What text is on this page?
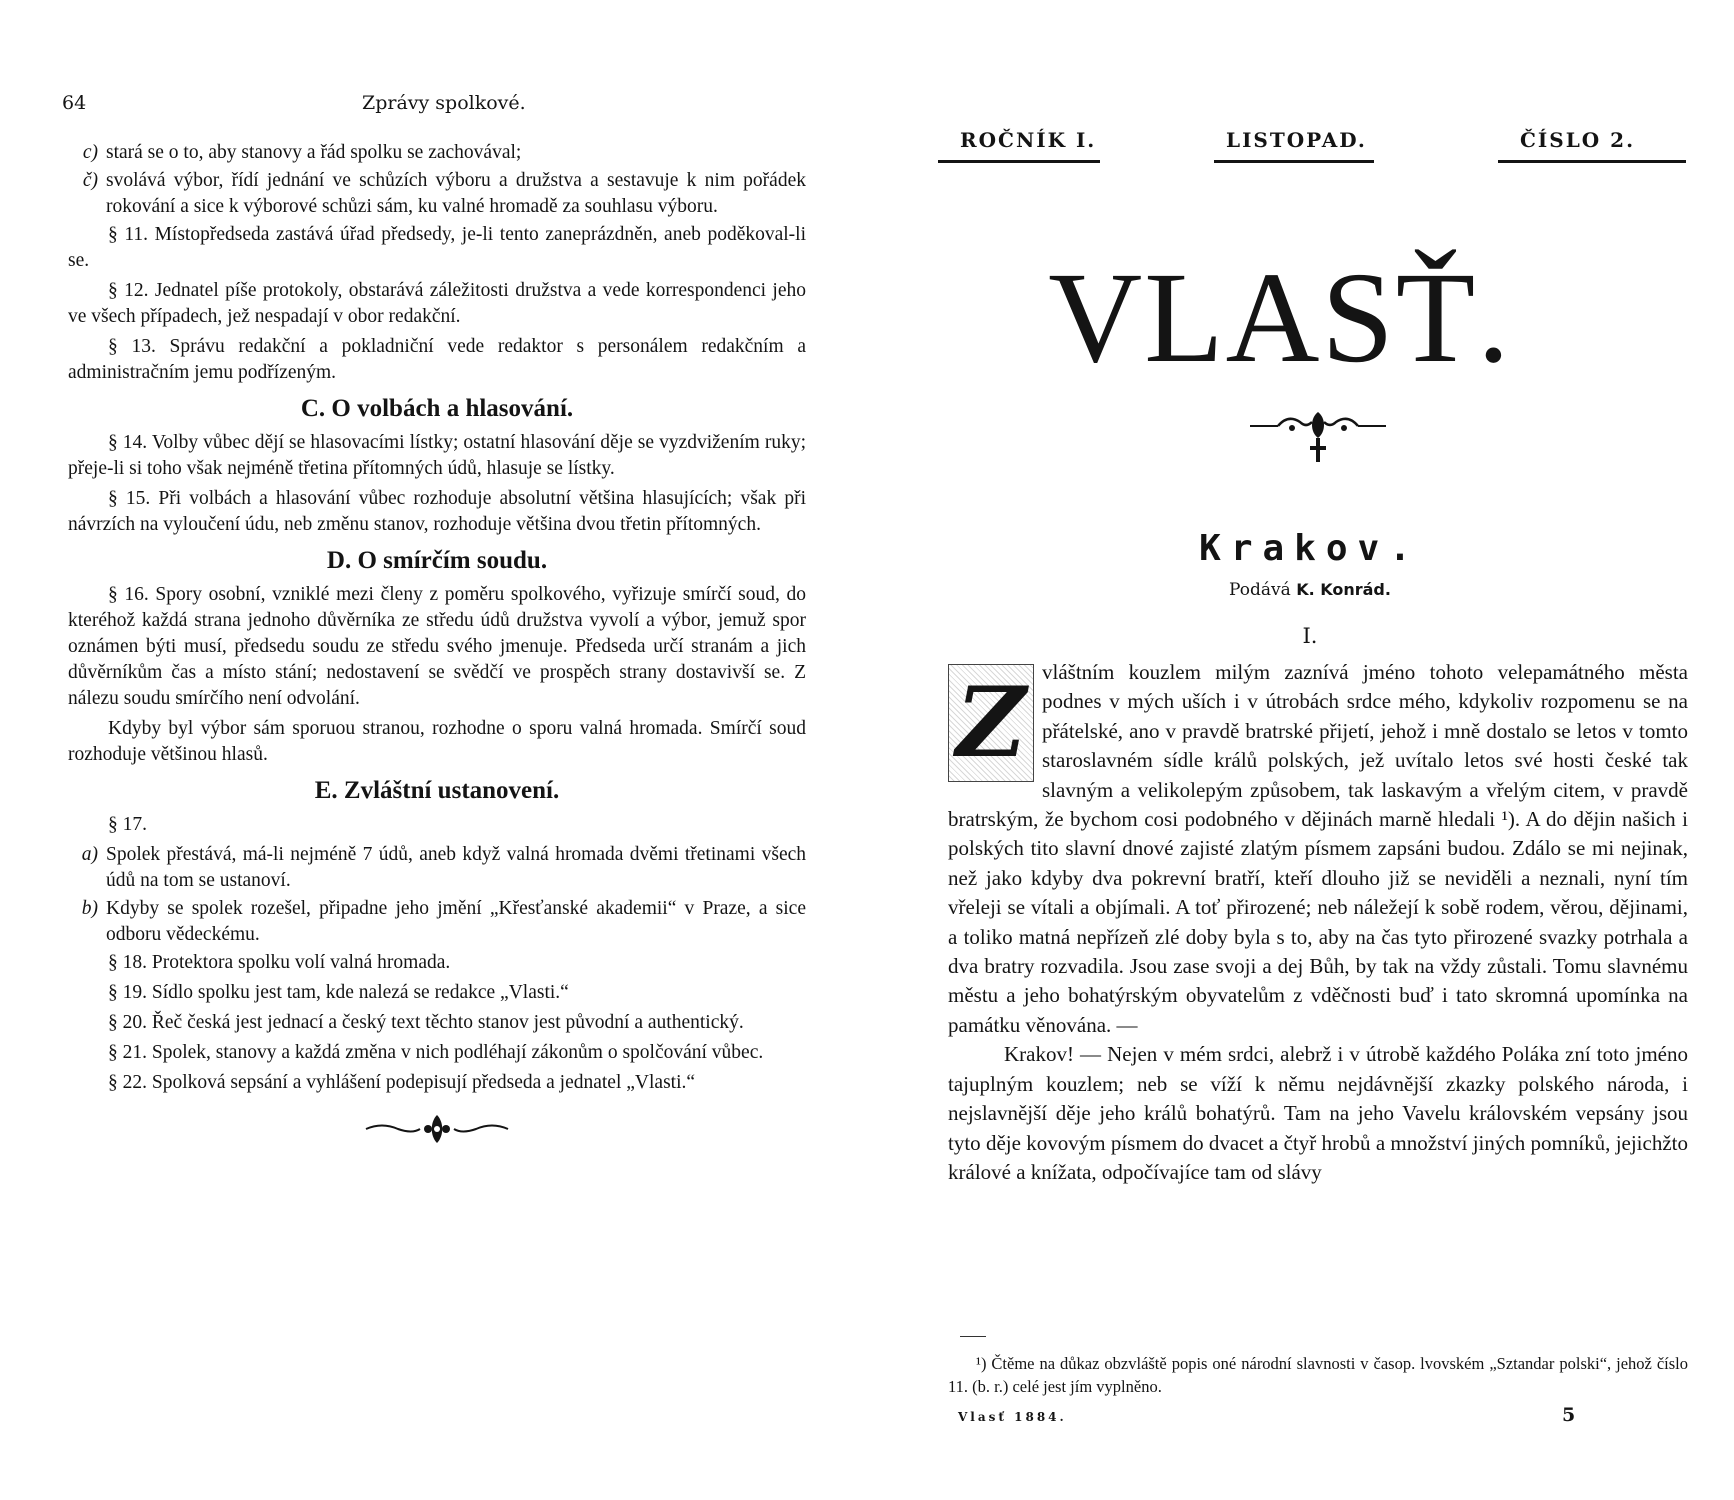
64	Zprávy spolkové.
c) stará se o to, aby stanovy a řád spolku se zachovával;
č) svolává výbor, řídí jednání ve schůzích výboru a družstva a sestavuje k nim pořádek rokování a sice k výborové schůzi sám, ku valné hromadě za souhlasu výboru.

§ 11. Místopředseda zastává úřad předsedy, je-li tento zaneprázdněn, aneb poděkoval-li se.

§ 12. Jednatel píše protokoly, obstarává záležitosti družstva a vede korrespondenci jeho ve všech případech, jež nespadají v obor redakční.

§ 13. Správu redakční a pokladniční vede redaktor s personálem redakčním a administračním jemu podřízeným.

C. O volbách a hlasování.

§ 14. Volby vůbec dějí se hlasovacími lístky; ostatní hlasování děje se vyzdvižením ruky; přeje-li si toho však nejméně třetina přítomných údů, hlasuje se lístky.

§ 15. Při volbách a hlasování vůbec rozhoduje absolutní většina hlasujících; však při návrzích na vyloučení údu, neb změnu stanov, rozhoduje většina dvou třetin přítomných.

D. O smírčím soudu.

§ 16. Spory osobní, vzniklé mezi členy z poměru spolkového, vyřizuje smírčí soud, do kteréhož každá strana jednoho důvěrníka ze středu údů družstva vyvolí a výbor, jemuž spor oznámen býti musí, předsedu soudu ze středu svého jmenuje. Předseda určí stranám a jich důvěrníkům čas a místo stání; nedostavení se svědčí ve prospěch strany dostavivší se. Z nálezu soudu smírčího není odvolání.

Kdyby byl výbor sám sporuou stranou, rozhodne o sporu valná hromada. Smírčí soud rozhoduje většinou hlasů.

E. Zvláštní ustanovení.

§ 17.

a) Spolek přestává, má-li nejméně 7 údů, aneb když valná hromada dvěmi třetinami všech údů na tom se ustanoví.
b) Kdyby se spolek rozešel, připadne jeho jmění „Křesťanské akademii“ v Praze, a sice odboru vědeckému.

§ 18. Protektora spolku volí valná hromada.

§ 19. Sídlo spolku jest tam, kde nalezá se redakce „Vlasti.“

§ 20. Řeč česká jest jednací a český text těchto stanov jest původní a authentický.

§ 21. Spolek, stanovy a každá změna v nich podléhají zákonům o spolčování vůbec.

§ 22. Spolková sepsání a vyhlášení podepisují předseda a jednatel „Vlasti.“

ROČNÍK I.	LISTOPAD.	ČÍSLO 2.
VLASŤ.
Krakov.
Podává K. Konrád.
I.
Z vláštním kouzlem milým zaznívá jméno tohoto velepamátného města podnes v mých uších i v útrobách srdce mého, kdykoliv rozpomenu se na přátelské, ano v pravdě bratrské přijetí, jehož i mně dostalo se letos v tomto staroslavném sídle králů polských, jež uvítalo letos své hosti české tak slavným a velikolepým způsobem, tak laskavým a vřelým citem, v pravdě bratrským, že bychom cosi podobného v dějinách marně hledali ¹). A do dějin našich i polských tito slavní dnové zajisté zlatým písmem zapsáni budou. Zdálo se mi nejinak, než jako kdyby dva pokrevní bratří, kteří dlouho již se neviděli a neznali, nyní tím vřeleji se vítali a objímali. A toť přirozené; neb náležejí k sobě rodem, věrou, dějinami, a toliko matná nepřízeň zlé doby byla s to, aby na čas tyto přirozené svazky potrhala a dva bratry rozvadila. Jsou zase svoji a dej Bůh, by tak na vždy zůstali. Tomu slavnému městu a jeho bohatýrským obyvatelům z vděčnosti buď i tato skromná upomínka na památku věnována. —

Krakov! — Nejen v mém srdci, alebrž i v útrobě každého Poláka zní toto jméno tajuplným kouzlem; neb se víží k němu nejdávnější zkazky polského národa, i nejslavnější děje jeho králů bohatýrů. Tam na jeho Vavelu královském vepsány jsou tyto děje kovovým písmem do dvacet a čtyř hrobů a množství jiných pomníků, jejichžto králové a knížata, odpočívajíce tam od slávy

¹) Čtěme na důkaz obzvláště popis oné národní slavnosti v časop. lvovském „Sztandar polski“, jehož číslo 11. (b. r.) celé jest jím vyplněno.
Vlasť 1884.	5
